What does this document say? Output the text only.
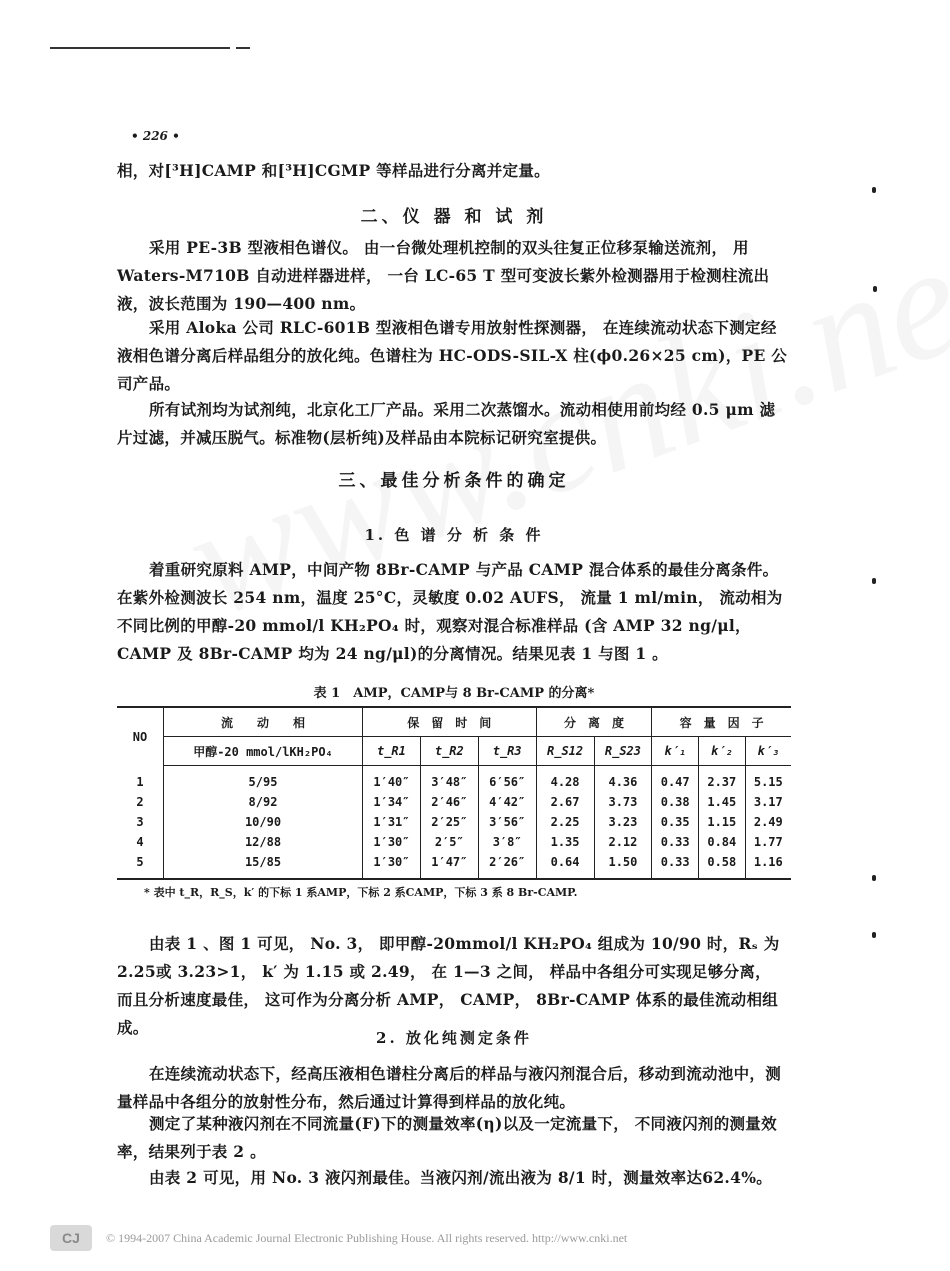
• 226 •

相，对[³H]CAMP 和[³H]CGMP 等样品进行分离并定量。

二、仪 器 和 试 剂

采用 PE-3B 型液相色谱仪。 由一台微处理机控制的双头往复正位移泵输送流剂， 用 Waters-M710B 自动进样器进样， 一台 LC-65 T 型可变波长紫外检测器用于检测柱流出液，波长范围为 190—400 nm。

采用 Aloka 公司 RLC-601B 型液相色谱专用放射性探测器， 在连续流动状态下测定经液相色谱分离后样品组分的放化纯。色谱柱为 HC-ODS-SIL-X 柱(ϕ0.26×25 cm)，PE 公司产品。

所有试剂均为试剂纯，北京化工厂产品。采用二次蒸馏水。流动相使用前均经 0.5 μm 滤片过滤，并减压脱气。标准物(层析纯)及样品由本院标记研究室提供。

三、最佳分析条件的确定
1. 色 谱 分 析 条 件

着重研究原料 AMP，中间产物 8Br-CAMP 与产品 CAMP 混合体系的最佳分离条件。在紫外检测波长 254 nm，温度 25°C，灵敏度 0.02 AUFS， 流量 1 ml/min， 流动相为不同比例的甲醇-20 mmol/l KH₂PO₄ 时，观察对混合标准样品 (含 AMP 32 ng/μl， CAMP 及 8Br-CAMP 均为 24 ng/μl)的分离情况。结果见表 1 与图 1 。

表 1　AMP，CAMP与 8 Br-CAMP 的分离*
NO	流　　动　　相	保　留　时　间			分　离　度		容　量　因　子		
	甲醇-20 mmol/lKH₂PO₄	t_R1	t_R2	t_R3	R_S12	R_S23	k′₁	k′₂	k′₃
1	5/95	1′40″	3′48″	6′56″	4.28	4.36	0.47	2.37	5.15
2	8/92	1′34″	2′46″	4′42″	2.67	3.73	0.38	1.45	3.17
3	10/90	1′31″	2′25″	3′56″	2.25	3.23	0.35	1.15	2.49
4	12/88	1′30″	2′5″	3′8″	1.35	2.12	0.33	0.84	1.77
5	15/85	1′30″	1′47″	2′26″	0.64	1.50	0.33	0.58	1.16
* 表中 t_R，R_S，k′ 的下标 1 系AMP，下标 2 系CAMP，下标 3 系 8 Br-CAMP.

由表 1 、图 1 可见， No. 3， 即甲醇-20mmol/l KH₂PO₄ 组成为 10/90 时，Rₛ 为2.25或 3.23>1， k′ 为 1.15 或 2.49， 在 1—3 之间， 样品中各组分可实现足够分离， 而且分析速度最佳， 这可作为分离分析 AMP， CAMP， 8Br-CAMP 体系的最佳流动相组成。

2. 放化纯测定条件

在连续流动状态下，经高压液相色谱柱分离后的样品与液闪剂混合后，移动到流动池中，测量样品中各组分的放射性分布，然后通过计算得到样品的放化纯。

测定了某种液闪剂在不同流量(F)下的测量效率(η)以及一定流量下， 不同液闪剂的测量效率，结果列于表 2 。

由表 2 可见，用 No. 3 液闪剂最佳。当液闪剂/流出液为 8/1 时，测量效率达62.4%。

CJ	© 1994-2007 China Academic Journal Electronic Publishing House. All rights reserved. http://www.cnki.net
